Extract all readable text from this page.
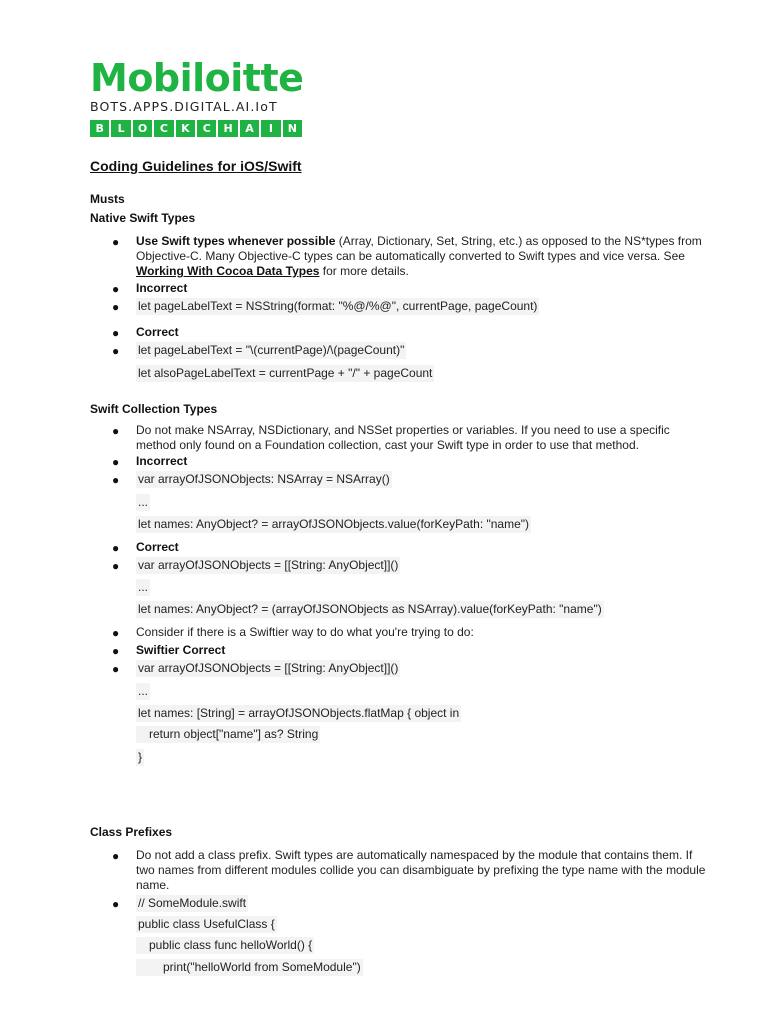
Mobiloitte
BOTS.APPS.DIGITAL.AI.IoT
B	L	O	C	K	C	H	A	I	N
Coding Guidelines for iOS/Swift
Musts
Native Swift Types
● Use Swift types whenever possible (Array, Dictionary, Set, String, etc.) as opposed to the NS*types from Objective-C. Many Objective-C types can be automatically converted to Swift types and vice versa. See Working With Cocoa Data Types for more details.
● Incorrect
● let pageLabelText = NSString(format: "%@/%@", currentPage, pageCount)
● Correct
● let pageLabelText = "\(currentPage)/\(pageCount)"
let alsoPageLabelText = currentPage + "/" + pageCount
Swift Collection Types
● Do not make NSArray, NSDictionary, and NSSet properties or variables. If you need to use a specific method only found on a Foundation collection, cast your Swift type in order to use that method.
● Incorrect
● var arrayOfJSONObjects: NSArray = NSArray()
...
let names: AnyObject? = arrayOfJSONObjects.value(forKeyPath: "name")
● Correct
● var arrayOfJSONObjects = [[String: AnyObject]]()
...
let names: AnyObject? = (arrayOfJSONObjects as NSArray).value(forKeyPath: "name")
● Consider if there is a Swiftier way to do what you're trying to do:
● Swiftier Correct
● var arrayOfJSONObjects = [[String: AnyObject]]()
...
let names: [String] = arrayOfJSONObjects.flatMap { object in
return object["name"] as? String
}
Class Prefixes
● Do not add a class prefix. Swift types are automatically namespaced by the module that contains them. If two names from different modules collide you can disambiguate by prefixing the type name with the module name.
● // SomeModule.swift
public class UsefulClass {
public class func helloWorld() {
print("helloWorld from SomeModule")
